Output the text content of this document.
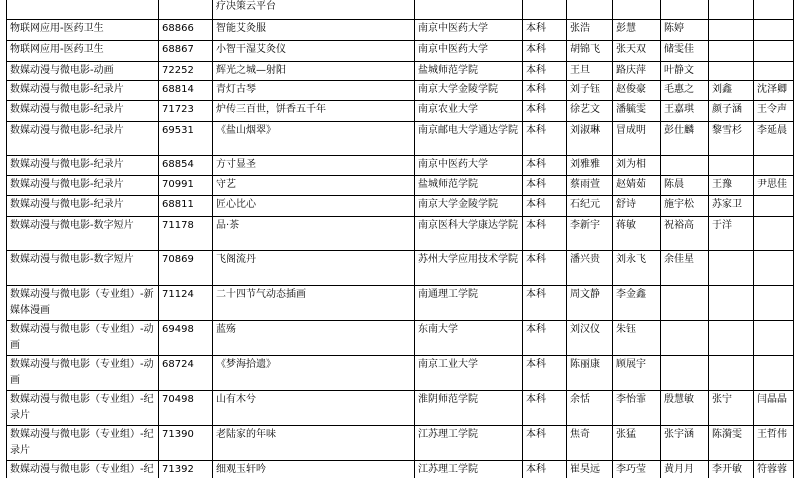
		疗决策云平台							
物联网应用-医药卫生	68866	智能艾灸服	南京中医药大学	本科	张浩	彭慧	陈婷		
物联网应用-医药卫生	68867	小智干湿艾灸仪	南京中医药大学	本科	胡锦飞	张天双	储雯佳		
数媒动漫与微电影-动画	72252	辉光之城—射阳	盐城师范学院	本科	王旦	路庆萍	叶静文		
数媒动漫与微电影-纪录片	68814	青灯古琴	南京大学金陵学院	本科	刘子钰	赵俊豪	毛惠之	刘鑫	沈泽卿
数媒动漫与微电影-纪录片	71723	炉传三百世，饼香五千年	南京农业大学	本科	徐艺文	潘毓雯	王嘉琪	颜子涵	王令声
数媒动漫与微电影-纪录片	69531	《盐山烟翠》	南京邮电大学通达学院	本科	刘淑琳	冒成明	彭仕麟	黎雪杉	李延晨
数媒动漫与微电影-纪录片	68854	方寸显圣	南京中医药大学	本科	刘雅雅	刘为相			
数媒动漫与微电影-纪录片	70991	守艺	盐城师范学院	本科	蔡雨萱	赵婧茹	陈晨	王豫	尹思佳
数媒动漫与微电影-纪录片	68811	匠心比心	南京大学金陵学院	本科	石纪元	舒诗	施宇松	苏家卫	
数媒动漫与微电影-数字短片	71178	品·茶	南京医科大学康达学院	本科	李新宇	蒋敏	祝裕高	于洋	
数媒动漫与微电影-数字短片	70869	飞阁流丹	苏州大学应用技术学院	本科	潘兴贵	刘永飞	余佳星		
数媒动漫与微电影（专业组）-新媒体漫画	71124	二十四节气动态插画	南通理工学院	本科	周文静	李金鑫			
数媒动漫与微电影（专业组）-动画	69498	蓝殇	东南大学	本科	刘汉仪	朱钰			
数媒动漫与微电影（专业组）-动画	68724	《梦海拾遗》	南京工业大学	本科	陈丽康	顾展宇			
数媒动漫与微电影（专业组）-纪录片	70498	山有木兮	淮阴师范学院	本科	余恬	李怡霏	殷慧敏	张宁	闫晶晶
数媒动漫与微电影（专业组）-纪录片	71390	老陆家的年味	江苏理工学院	本科	焦奇	张猛	张宇涵	陈漪雯	王哲伟
数媒动漫与微电影（专业组）-纪	71392	细观玉轩吟	江苏理工学院	本科	崔昊远	李巧莹	黄月月	李开敏	符蓉蓉
